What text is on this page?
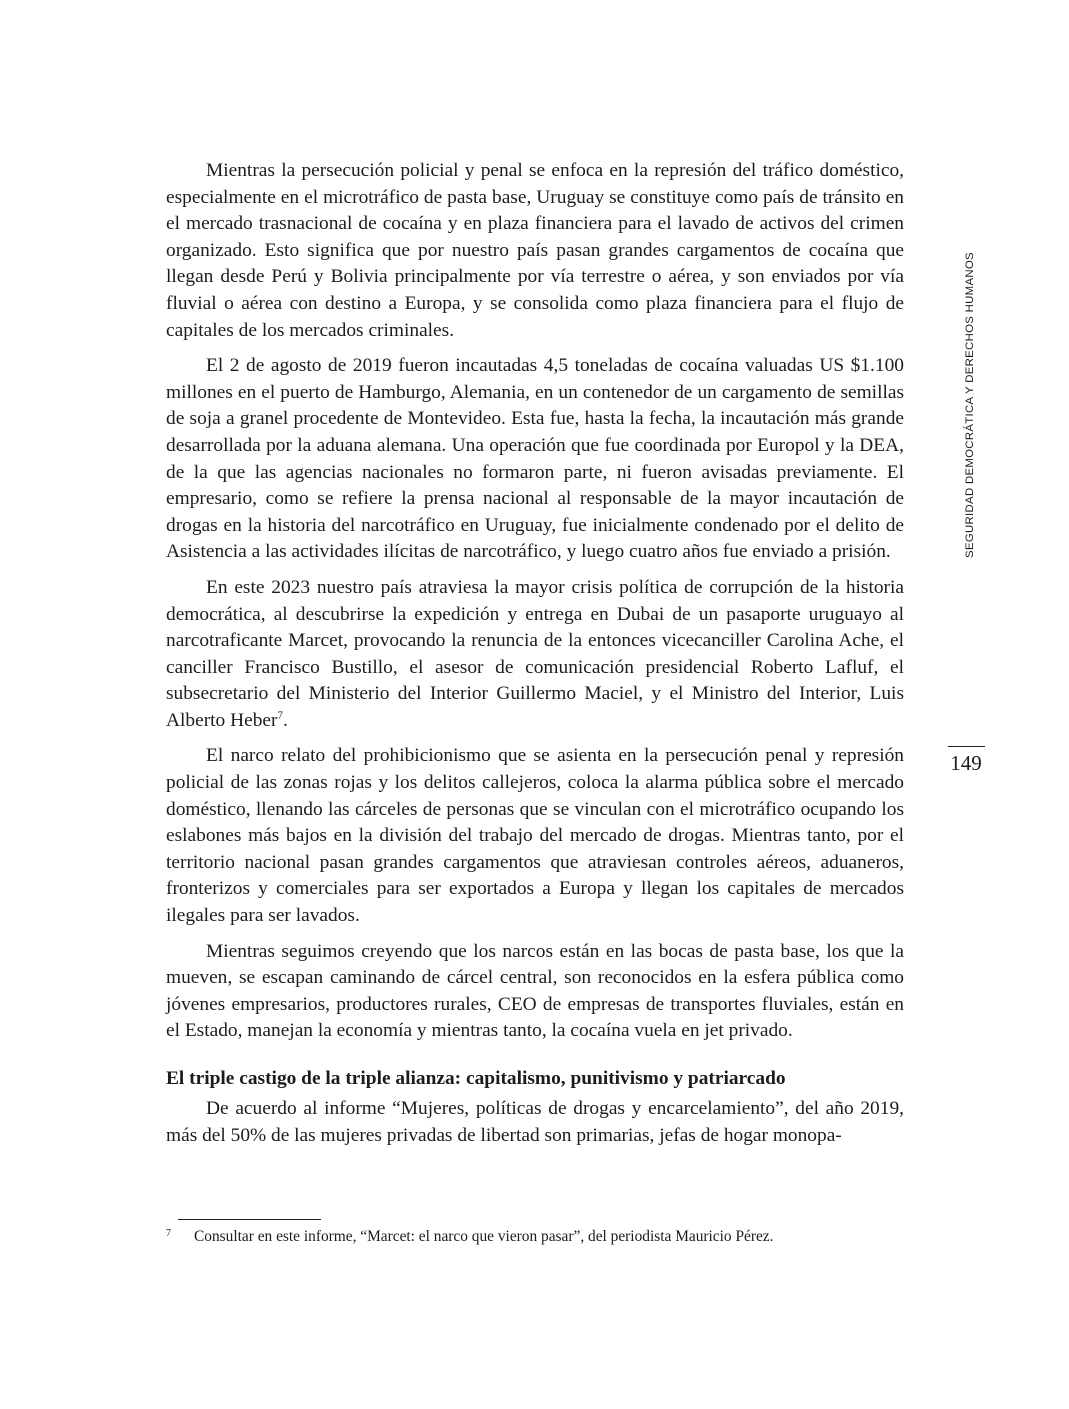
Mientras la persecución policial y penal se enfoca en la represión del tráfico doméstico, especialmente en el microtráfico de pasta base, Uruguay se constituye como país de tránsito en el mercado trasnacional de cocaína y en plaza financiera para el lavado de activos del crimen organizado. Esto significa que por nuestro país pasan grandes cargamentos de cocaína que llegan desde Perú y Bolivia principalmente por vía terrestre o aérea, y son enviados por vía fluvial o aérea con destino a Europa, y se consolida como plaza financiera para el flujo de capitales de los mercados criminales.

El 2 de agosto de 2019 fueron incautadas 4,5 toneladas de cocaína valuadas US $1.100 millones en el puerto de Hamburgo, Alemania, en un contenedor de un cargamento de semillas de soja a granel procedente de Montevideo. Esta fue, hasta la fecha, la incautación más grande desarrollada por la aduana alemana. Una operación que fue coordinada por Europol y la DEA, de la que las agencias nacionales no formaron parte, ni fueron avisadas previamente. El empresario, como se refiere la prensa nacional al responsable de la mayor incautación de drogas en la historia del narcotráfico en Uruguay, fue inicialmente condenado por el delito de Asistencia a las actividades ilícitas de narcotráfico, y luego cuatro años fue enviado a prisión.

En este 2023 nuestro país atraviesa la mayor crisis política de corrupción de la historia democrática, al descubrirse la expedición y entrega en Dubai de un pasaporte uruguayo al narcotraficante Marcet, provocando la renuncia de la entonces vicecanciller Carolina Ache, el canciller Francisco Bustillo, el asesor de comunicación presidencial Roberto Lafluf, el subsecretario del Ministerio del Interior Guillermo Maciel, y el Ministro del Interior, Luis Alberto Heber$^7$.

El narco relato del prohibicionismo que se asienta en la persecución penal y represión policial de las zonas rojas y los delitos callejeros, coloca la alarma pública sobre el mercado doméstico, llenando las cárceles de personas que se vinculan con el microtráfico ocupando los eslabones más bajos en la división del trabajo del mercado de drogas. Mientras tanto, por el territorio nacional pasan grandes cargamentos que atraviesan controles aéreos, aduaneros, fronterizos y comerciales para ser exportados a Europa y llegan los capitales de mercados ilegales para ser lavados.

Mientras seguimos creyendo que los narcos están en las bocas de pasta base, los que la mueven, se escapan caminando de cárcel central, son reconocidos en la esfera pública como jóvenes empresarios, productores rurales, CEO de empresas de transportes fluviales, están en el Estado, manejan la economía y mientras tanto, la cocaína vuela en jet privado.

El triple castigo de la triple alianza: capitalismo, punitivismo y patriarcado

De acuerdo al informe “Mujeres, políticas de drogas y encarcelamiento”, del año 2019, más del 50% de las mujeres privadas de libertad son primarias, jefas de hogar monopa-

7 Consultar en este informe, “Marcet: el narco que vieron pasar”, del periodista Mauricio Pérez.
SEGURIDAD DEMOCRÁTICA Y DERECHOS HUMANOS
149
